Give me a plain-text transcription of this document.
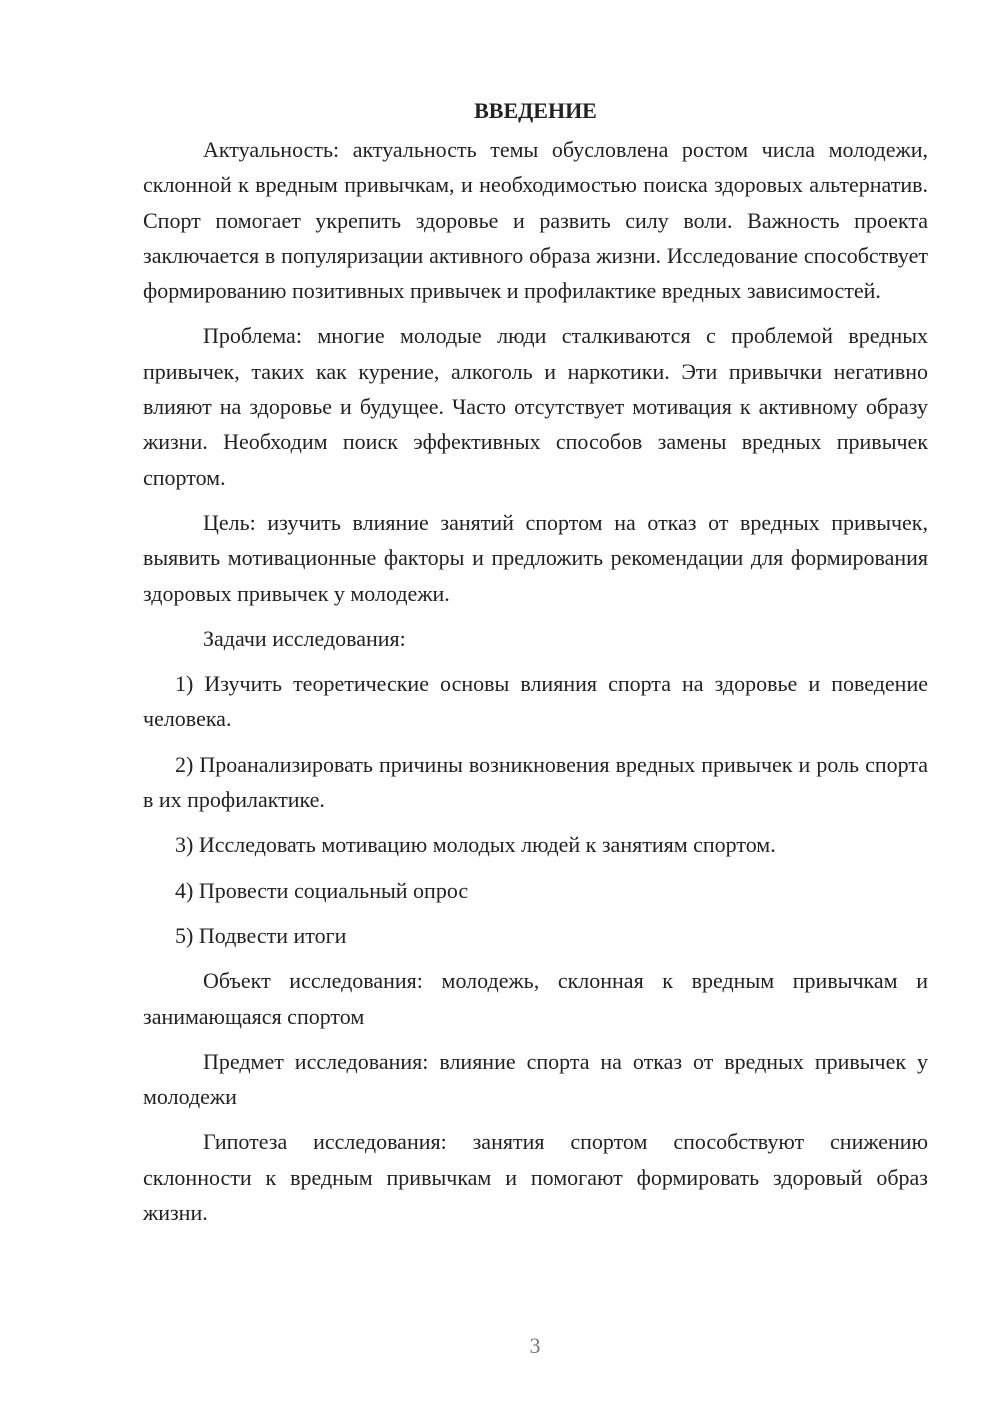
ВВЕДЕНИЕ

Актуальность: актуальность темы обусловлена ростом числа молодежи, склонной к вредным привычкам, и необходимостью поиска здоровых альтернатив. Спорт помогает укрепить здоровье и развить силу воли. Важность проекта заключается в популяризации активного образа жизни. Исследование способствует формированию позитивных привычек и профилактике вредных зависимостей.

Проблема: многие молодые люди сталкиваются с проблемой вредных привычек, таких как курение, алкоголь и наркотики. Эти привычки негативно влияют на здоровье и будущее. Часто отсутствует мотивация к активному образу жизни. Необходим поиск эффективных способов замены вредных привычек спортом.

Цель: изучить влияние занятий спортом на отказ от вредных привычек, выявить мотивационные факторы и предложить рекомендации для формирования здоровых привычек у молодежи.

Задачи исследования:

1) Изучить теоретические основы влияния спорта на здоровье и поведение человека.

2) Проанализировать причины возникновения вредных привычек и роль спорта в их профилактике.

3) Исследовать мотивацию молодых людей к занятиям спортом.

4) Провести социальный опрос

5) Подвести итоги

Объект исследования: молодежь, склонная к вредным привычкам и занимающаяся спортом

Предмет исследования: влияние спорта на отказ от вредных привычек у молодежи

Гипотеза исследования: занятия спортом способствуют снижению склонности к вредным привычкам и помогают формировать здоровый образ жизни.

3
